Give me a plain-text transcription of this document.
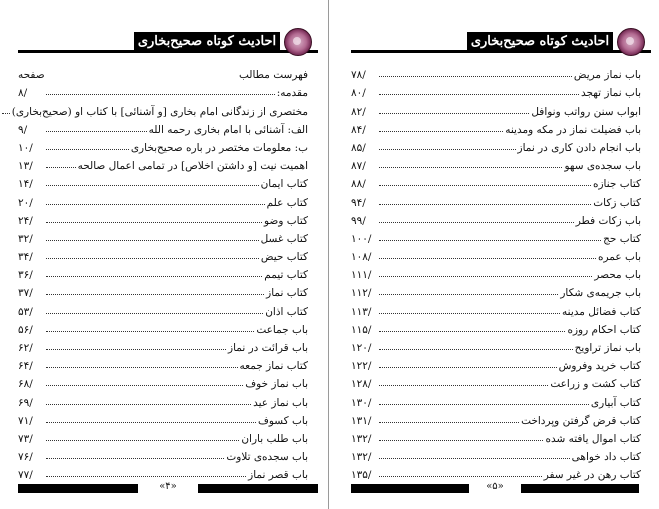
احادیث کوتاه صحیح‌بخاری
فهرست مطالب
صفحه
مقدمه:
۸/
مختصری از زندگانی امام بخاری [و آشنائی] با کتاب او (صحیح‌بخاری)
الف: آشنائی با امام بخاری رحمه الله
۹/
ب: معلومات مختصر در باره صحیح‌بخاری
۱۰/
اهمیت نیت [و داشتن اخلاص] در تمامی اعمال صالحه
۱۳/
کتاب ایمان
۱۴/
کتاب علم
۲۰/
کتاب وضو
۲۴/
کتاب غسل
۳۲/
کتاب حیض
۳۴/
کتاب تیمم
۳۶/
کتاب نماز
۳۷/
کتاب اذان
۵۳/
باب جماعت
۵۶/
باب قرائت در نماز
۶۲/
کتاب نماز جمعه
۶۴/
باب نماز خوف
۶۸/
باب نماز عید
۶۹/
باب کسوف
۷۱/
باب طلب باران
۷۳/
باب سجده‌ی تلاوت
۷۶/
باب قصر نماز
۷۷/
«۴»
احادیث کوتاه صحیح‌بخاری
باب نماز مریض
۷۸/
باب نماز تهجد
۸۰/
ابواب سنن رواتب ونوافل
۸۲/
باب فضیلت نماز در مکه ومدینه
۸۴/
باب انجام دادن کاری در نماز
۸۵/
باب سجده‌ی سهو
۸۷/
کتاب جنازه
۸۸/
کتاب زکات
۹۴/
باب زکات فطر
۹۹/
کتاب حج
۱۰۰/
باب عمره
۱۰۸/
باب محصر
۱۱۱/
باب جریمه‌ی شکار
۱۱۲/
کتاب فضائل مدینه
۱۱۳/
کتاب احکام روزه
۱۱۵/
باب نماز تراویح
۱۲۰/
کتاب خرید وفروش
۱۲۲/
کتاب کشت و زراعت
۱۲۸/
کتاب آبیاری
۱۳۰/
کتاب قرض گرفتن وپرداخت
۱۳۱/
کتاب اموال یافته شده
۱۳۲/
کتاب داد خواهی
۱۳۲/
کتاب رهن در غیر سفر
۱۳۵/
«۵»
